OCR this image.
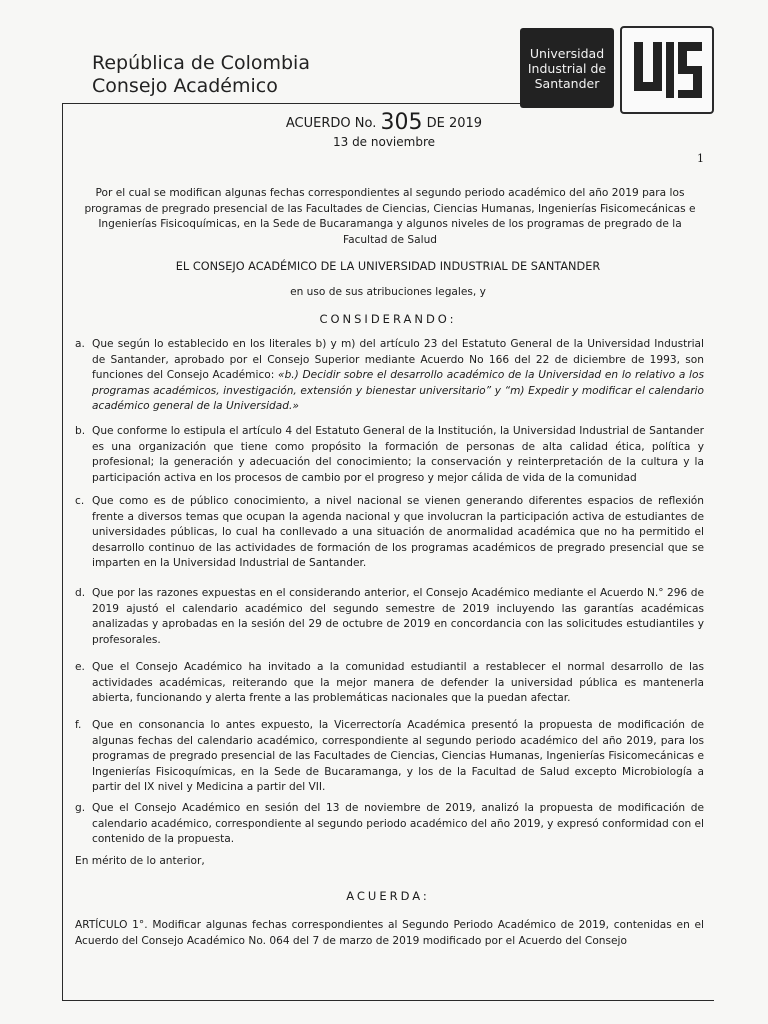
República de Colombia
Consejo Académico
Universidad
Industrial de
Santander
ACUERDO No. 305 DE 2019
13 de noviembre
1
Por el cual se modifican algunas fechas correspondientes al segundo periodo académico del año 2019 para los programas de pregrado presencial de las Facultades de Ciencias, Ciencias Humanas, Ingenierías Fisicomecánicas e Ingenierías Fisicoquímicas, en la Sede de Bucaramanga y algunos niveles de los programas de pregrado de la Facultad de Salud
EL CONSEJO ACADÉMICO DE LA UNIVERSIDAD INDUSTRIAL DE SANTANDER
en uso de sus atribuciones legales, y
CONSIDERANDO:
a. Que según lo establecido en los literales b) y m) del artículo 23 del Estatuto General de la Universidad Industrial de Santander, aprobado por el Consejo Superior mediante Acuerdo No 166 del 22 de diciembre de 1993, son funciones del Consejo Académico: «b.) Decidir sobre el desarrollo académico de la Universidad en lo relativo a los programas académicos, investigación, extensión y bienestar universitario” y “m) Expedir y modificar el calendario académico general de la Universidad.»
b. Que conforme lo estipula el artículo 4 del Estatuto General de la Institución, la Universidad Industrial de Santander es una organización que tiene como propósito la formación de personas de alta calidad ética, política y profesional; la generación y adecuación del conocimiento; la conservación y reinterpretación de la cultura y la participación activa en los procesos de cambio por el progreso y mejor cálida de vida de la comunidad
c. Que como es de público conocimiento, a nivel nacional se vienen generando diferentes espacios de reflexión frente a diversos temas que ocupan la agenda nacional y que involucran la participación activa de estudiantes de universidades públicas, lo cual ha conllevado a una situación de anormalidad académica que no ha permitido el desarrollo continuo de las actividades de formación de los programas académicos de pregrado presencial que se imparten en la Universidad Industrial de Santander.
d. Que por las razones expuestas en el considerando anterior, el Consejo Académico mediante el Acuerdo N.° 296 de 2019 ajustó el calendario académico del segundo semestre de 2019 incluyendo las garantías académicas analizadas y aprobadas en la sesión del 29 de octubre de 2019 en concordancia con las solicitudes estudiantiles y profesorales.
e. Que el Consejo Académico ha invitado a la comunidad estudiantil a restablecer el normal desarrollo de las actividades académicas, reiterando que la mejor manera de defender la universidad pública es mantenerla abierta, funcionando y alerta frente a las problemáticas nacionales que la puedan afectar.
f. Que en consonancia lo antes expuesto, la Vicerrectoría Académica presentó la propuesta de modificación de algunas fechas del calendario académico, correspondiente al segundo periodo académico del año 2019, para los programas de pregrado presencial de las Facultades de Ciencias, Ciencias Humanas, Ingenierías Fisicomecánicas e Ingenierías Fisicoquímicas, en la Sede de Bucaramanga, y los de la Facultad de Salud excepto Microbiología a partir del IX nivel y Medicina a partir del VII.
g. Que el Consejo Académico en sesión del 13 de noviembre de 2019, analizó la propuesta de modificación de calendario académico, correspondiente al segundo periodo académico del año 2019, y expresó conformidad con el contenido de la propuesta.
En mérito de lo anterior,
ACUERDA:
ARTÍCULO 1°. Modificar algunas fechas correspondientes al Segundo Periodo Académico de 2019, contenidas en el Acuerdo del Consejo Académico No. 064 del 7 de marzo de 2019 modificado por el Acuerdo del Consejo
